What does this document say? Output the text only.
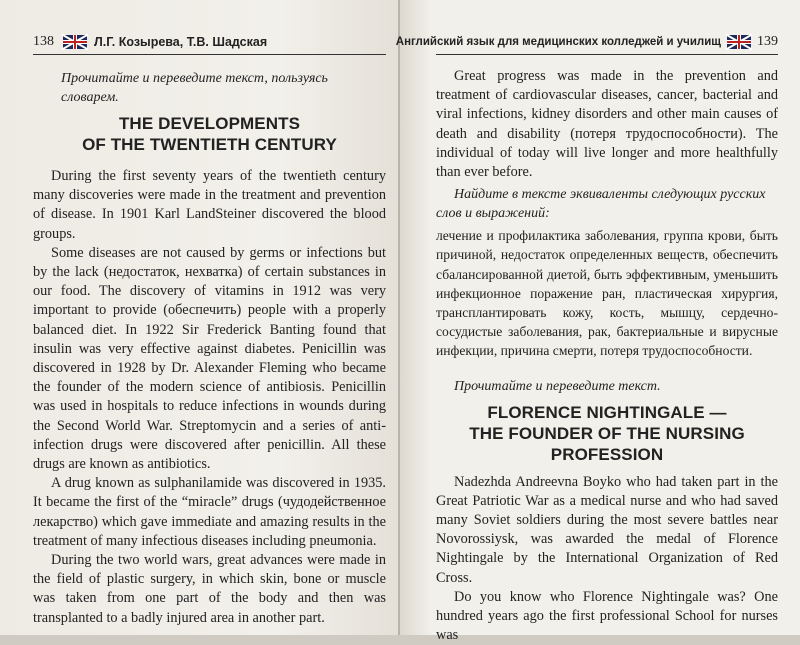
138	Л.Г. Козырева, Т.В. Шадская

Прочитайте и переведите текст, пользуясь словарем.

THE DEVELOPMENTS

OF THE TWENTIETH CENTURY

During the first seventy years of the twentieth century many discoveries were made in the treatment and prevention of disease. In 1901 Karl LandSteiner discovered the blood groups.

Some diseases are not caused by germs or infections but by the lack (недостаток, нехватка) of certain substances in our food. The discovery of vitamins in 1912 was very important to provide (обеспечить) people with a properly balanced diet. In 1922 Sir Frederick Banting found that insulin was very effective against diabetes. Penicillin was discovered in 1928 by Dr. Alexander Fleming who became the founder of the modern science of antibiosis. Penicillin was used in hospitals to reduce infections in wounds during the Second World War. Streptomycin and a series of anti-infection drugs were discovered after penicillin. All these drugs are known as antibiotics.

A drug known as sulphanilamide was discovered in 1935. It became the first of the “miracle” drugs (чудодейственное лекарство) which gave immediate and amazing results in the treatment of many infectious diseases including pneumonia.

During the two world wars, great advances were made in the field of plastic surgery, in which skin, bone or muscle was taken from one part of the body and then was transplanted to a badly injured area in another part.

Английский язык для медицинских колледжей и училищ	139

Great progress was made in the prevention and treatment of cardiovascular diseases, cancer, bacterial and viral infections, kidney disorders and other main causes of death and disability (потеря трудоспособности). The individual of today will live longer and more healthfully than ever before.

Найдите в тексте эквиваленты следующих русских слов и выражений:

лечение и профилактика заболевания, группа крови, быть причиной, недостаток определенных веществ, обеспечить сбалансированной диетой, быть эффективным, уменьшить инфекционное поражение ран, пластическая хирургия, трансплантировать кожу, кость, мышцу, сердечно-сосудистые заболевания, рак, бактериальные и вирусные инфекции, причина смерти, потеря трудоспособности.

Прочитайте и переведите текст.

FLORENCE NIGHTINGALE —

THE FOUNDER OF THE NURSING

PROFESSION

Nadezhda Andreevna Boyko who had taken part in the Great Patriotic War as a medical nurse and who had saved many Soviet soldiers during the most severe battles near Novorossiysk, was awarded the medal of Florence Nightingale by the International Organization of Red Cross.

Do you know who Florence Nightingale was? One hundred years ago the first professional School for nurses was
